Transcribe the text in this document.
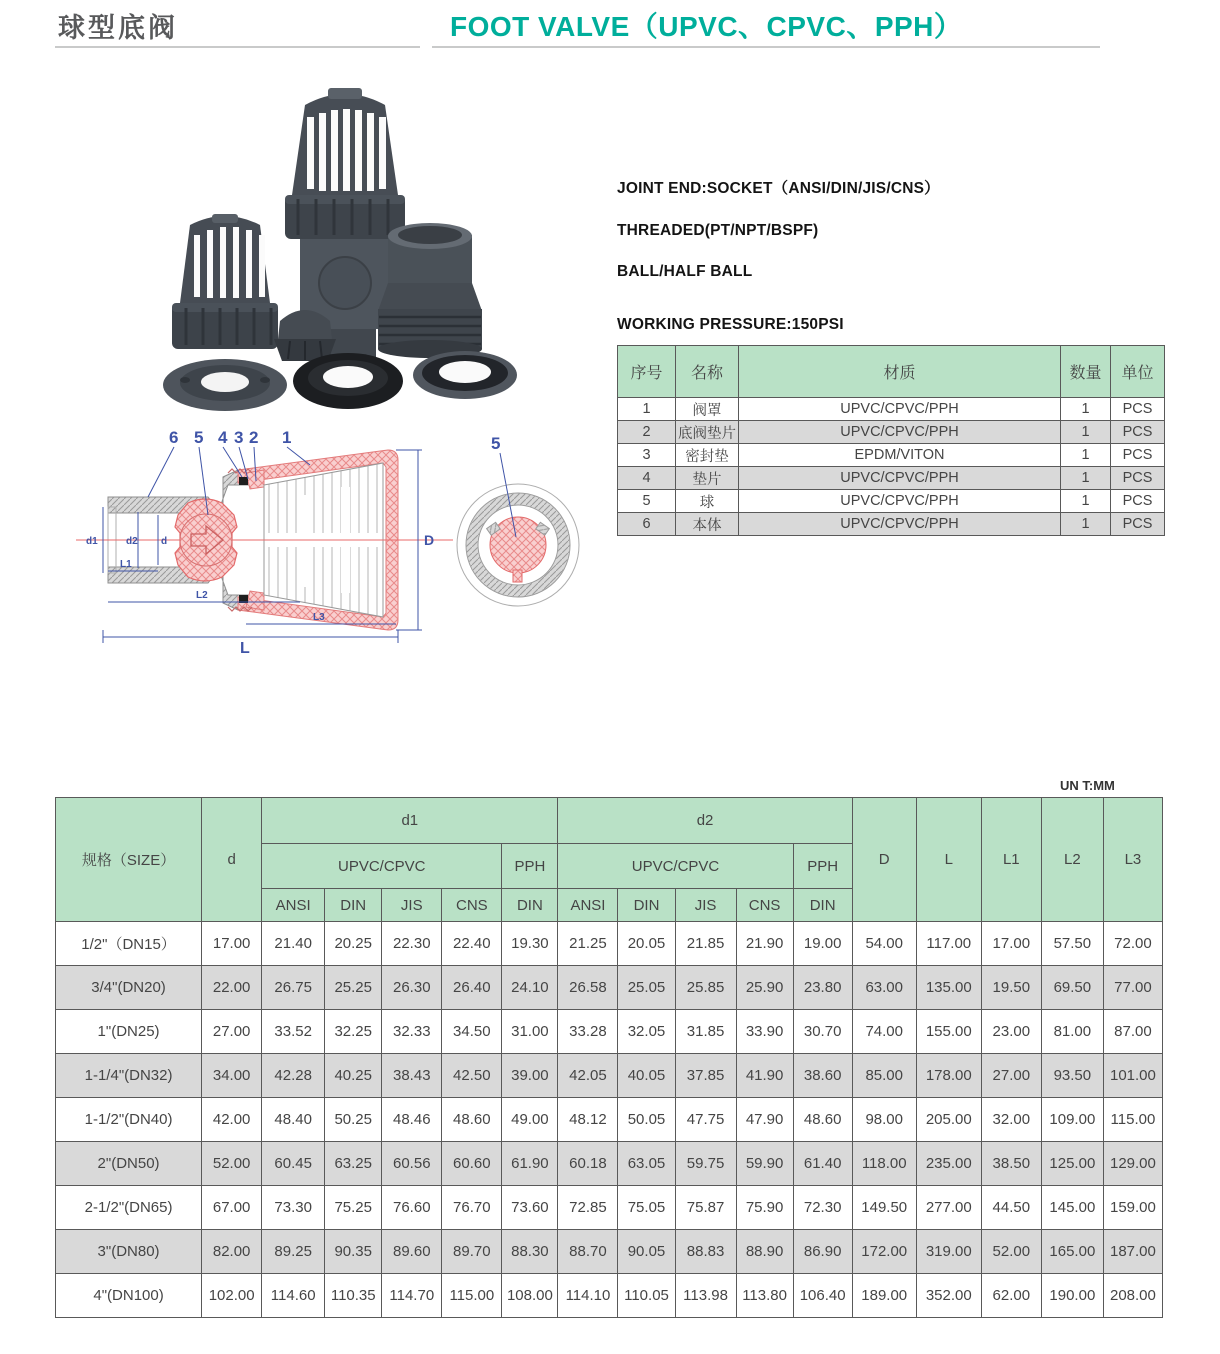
球型底阀	FOOT VALVE（UPVC、CPVC、PPH）
JOINT END:SOCKET（ANSI/DIN/JIS/CNS）
THREADED(PT/NPT/BSPF)
BALL/HALF BALL
WORKING PRESSURE:150PSI
序号	名称	材质	数量	单位
1	阀罩	UPVC/CPVC/PPH	1	PCS
2	底阀垫片	UPVC/CPVC/PPH	1	PCS
3	密封垫	EPDM/VITON	1	PCS
4	垫片	UPVC/CPVC/PPH	1	PCS
5	球	UPVC/CPVC/PPH	1	PCS
6	本体	UPVC/CPVC/PPH	1	PCS
6 5 4 3 2 1
d1	d2 d
L1
L2
L3
L
D
5
UN T:MM
规格（SIZE）	d	d1					d2					D	L	L1	L2	L3
		UPVC/CPVC				PPH	UPVC/CPVC				PPH					
		ANSI	DIN	JIS	CNS	DIN	ANSI	DIN	JIS	CNS	DIN					
1/2"（DN15）	17.00	21.40	20.25	22.30	22.40	19.30	21.25	20.05	21.85	21.90	19.00	54.00	117.00	17.00	57.50	72.00
3/4"(DN20)	22.00	26.75	25.25	26.30	26.40	24.10	26.58	25.05	25.85	25.90	23.80	63.00	135.00	19.50	69.50	77.00
1"(DN25)	27.00	33.52	32.25	32.33	34.50	31.00	33.28	32.05	31.85	33.90	30.70	74.00	155.00	23.00	81.00	87.00
1-1/4"(DN32)	34.00	42.28	40.25	38.43	42.50	39.00	42.05	40.05	37.85	41.90	38.60	85.00	178.00	27.00	93.50	101.00
1-1/2"(DN40)	42.00	48.40	50.25	48.46	48.60	49.00	48.12	50.05	47.75	47.90	48.60	98.00	205.00	32.00	109.00	115.00
2"(DN50)	52.00	60.45	63.25	60.56	60.60	61.90	60.18	63.05	59.75	59.90	61.40	118.00	235.00	38.50	125.00	129.00
2-1/2"(DN65)	67.00	73.30	75.25	76.60	76.70	73.60	72.85	75.05	75.87	75.90	72.30	149.50	277.00	44.50	145.00	159.00
3"(DN80)	82.00	89.25	90.35	89.60	89.70	88.30	88.70	90.05	88.83	88.90	86.90	172.00	319.00	52.00	165.00	187.00
4"(DN100)	102.00	114.60	110.35	114.70	115.00	108.00	114.10	110.05	113.98	113.80	106.40	189.00	352.00	62.00	190.00	208.00
